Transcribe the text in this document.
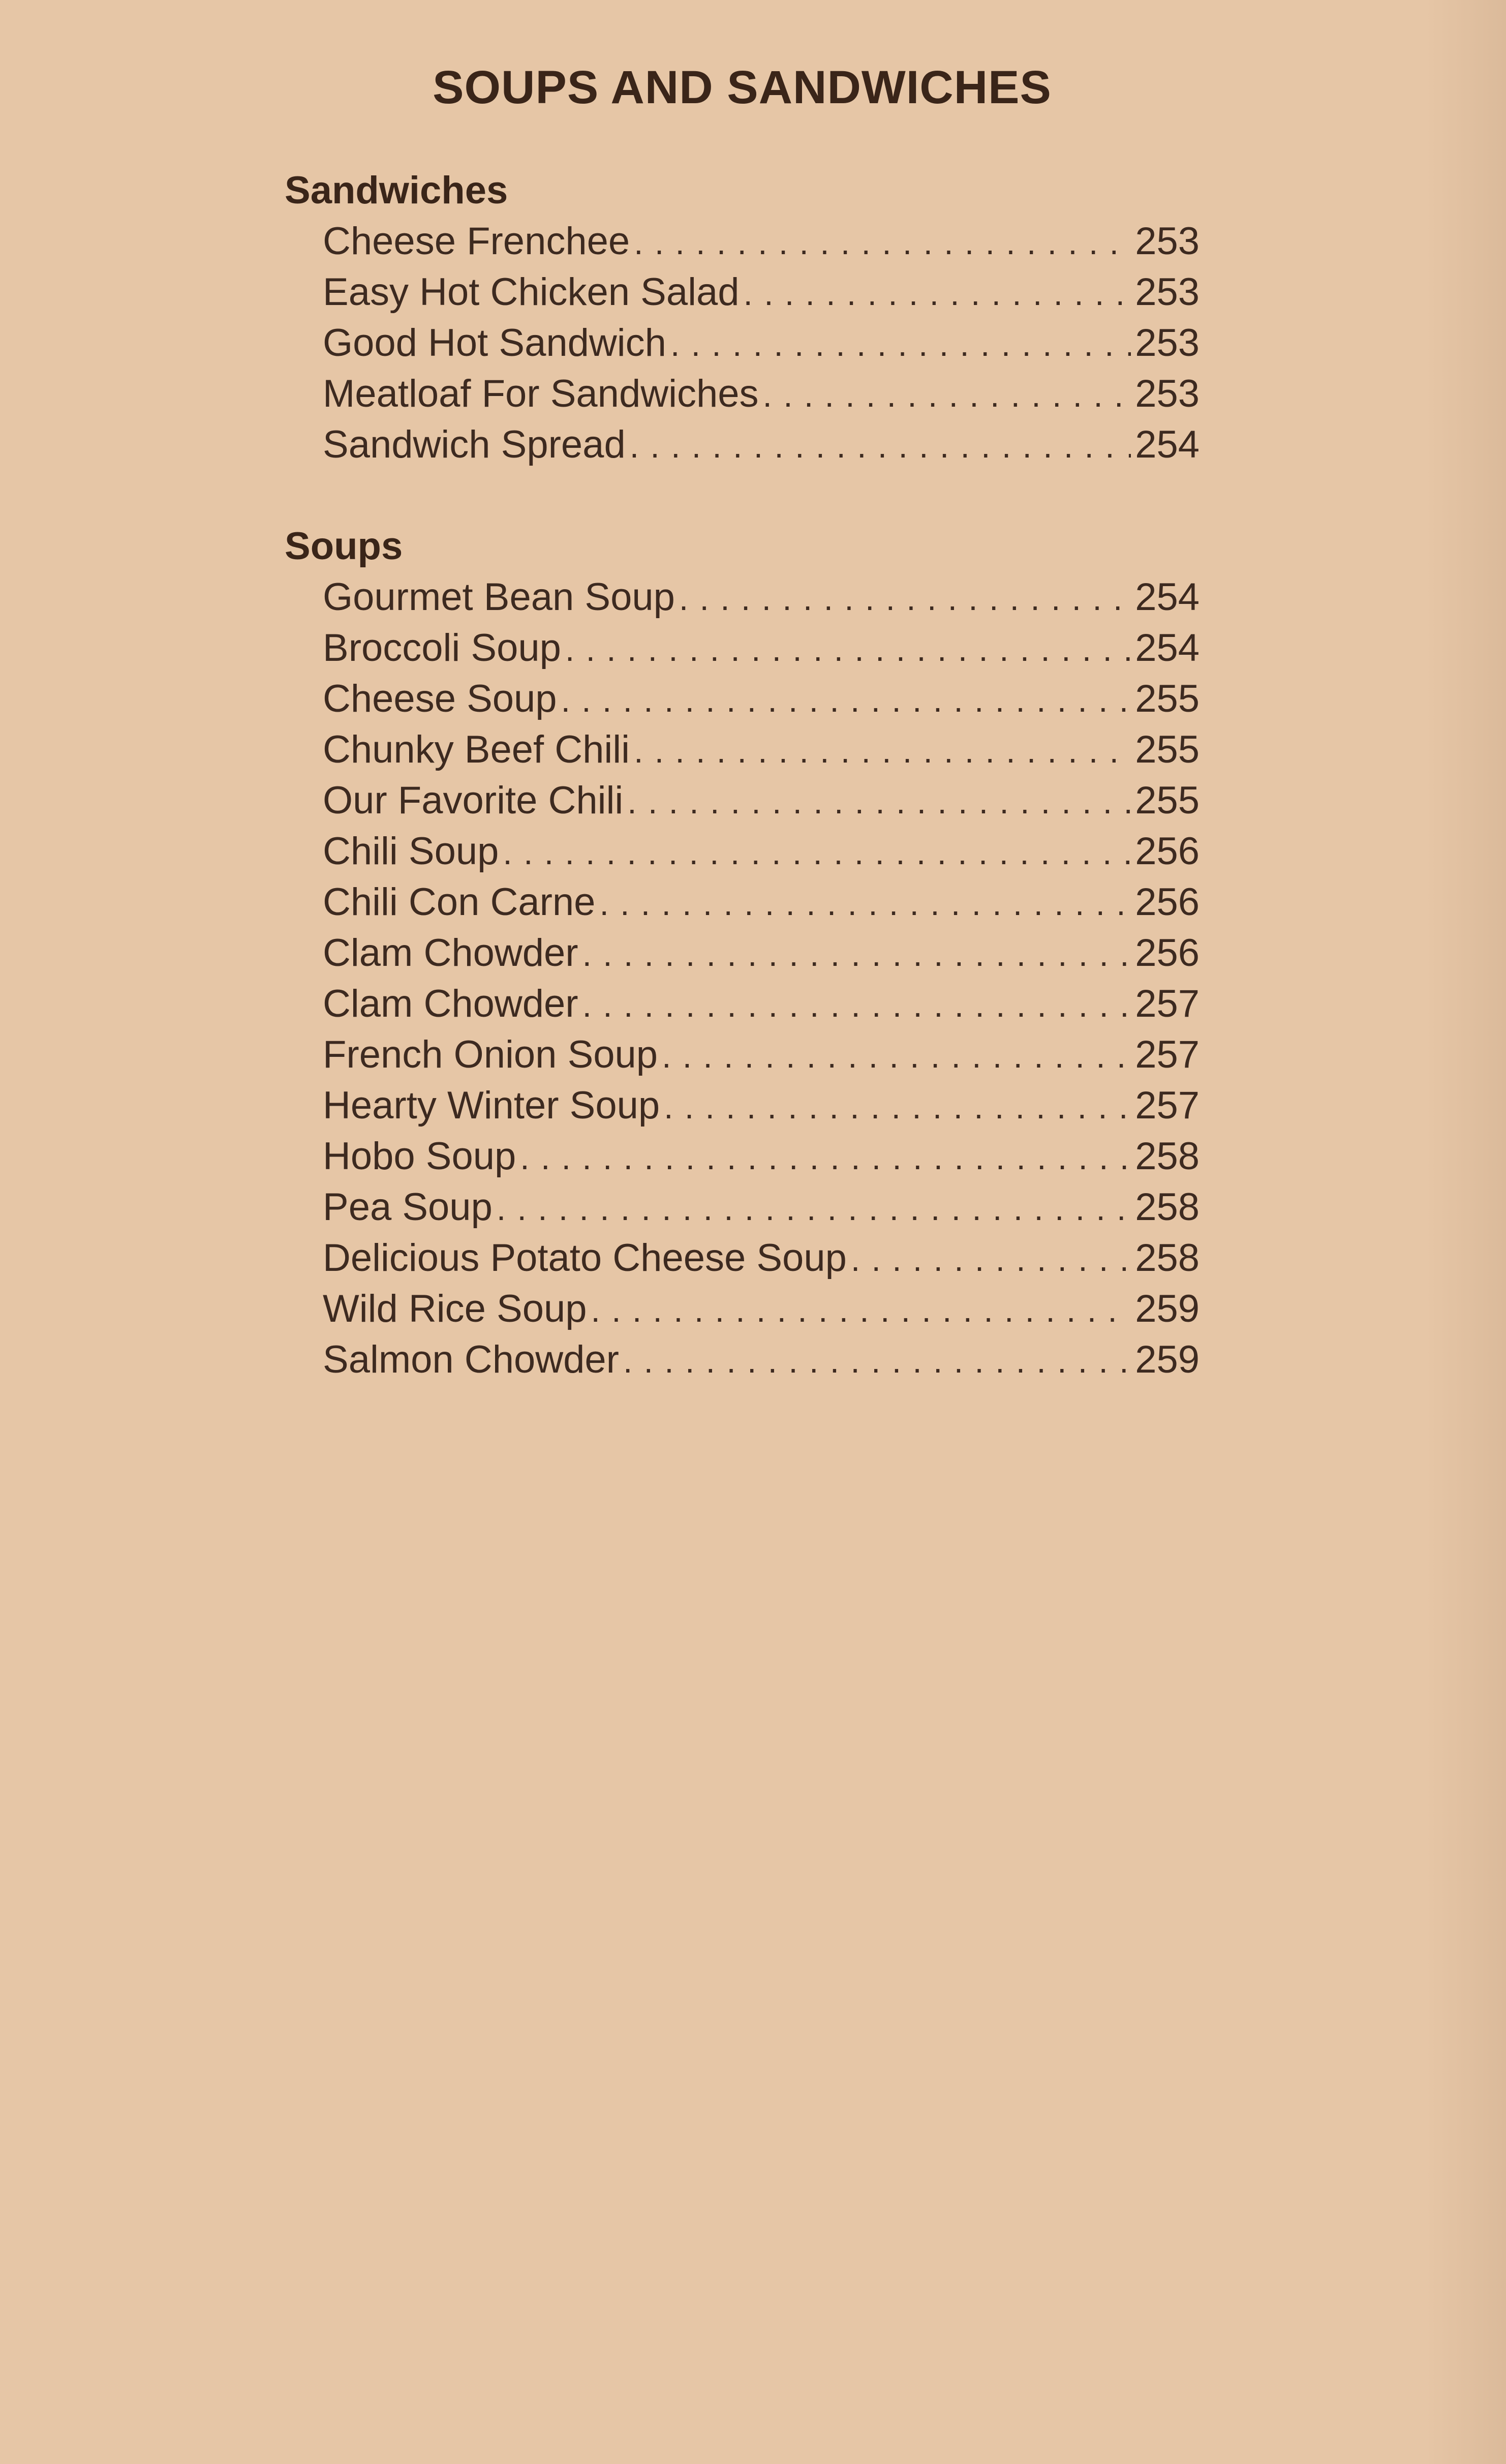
SOUPS AND SANDWICHES
Sandwiches
Cheese Frenchee . . .	253
Easy Hot Chicken Salad . . .	253
Good Hot Sandwich . . .	253
Meatloaf For Sandwiches . . .	253
Sandwich Spread . . .	254
Soups
Gourmet Bean Soup . . .	254
Broccoli Soup . . .	254
Cheese Soup . . .	255
Chunky Beef Chili . . .	255
Our Favorite Chili . . .	255
Chili Soup . . .	256
Chili Con Carne . . .	256
Clam Chowder . . .	256
Clam Chowder . . .	257
French Onion Soup . . .	257
Hearty Winter Soup . . .	257
Hobo Soup . . .	258
Pea Soup . . .	258
Delicious Potato Cheese Soup . . .	258
Wild Rice Soup . . .	259
Salmon Chowder . . .	259
